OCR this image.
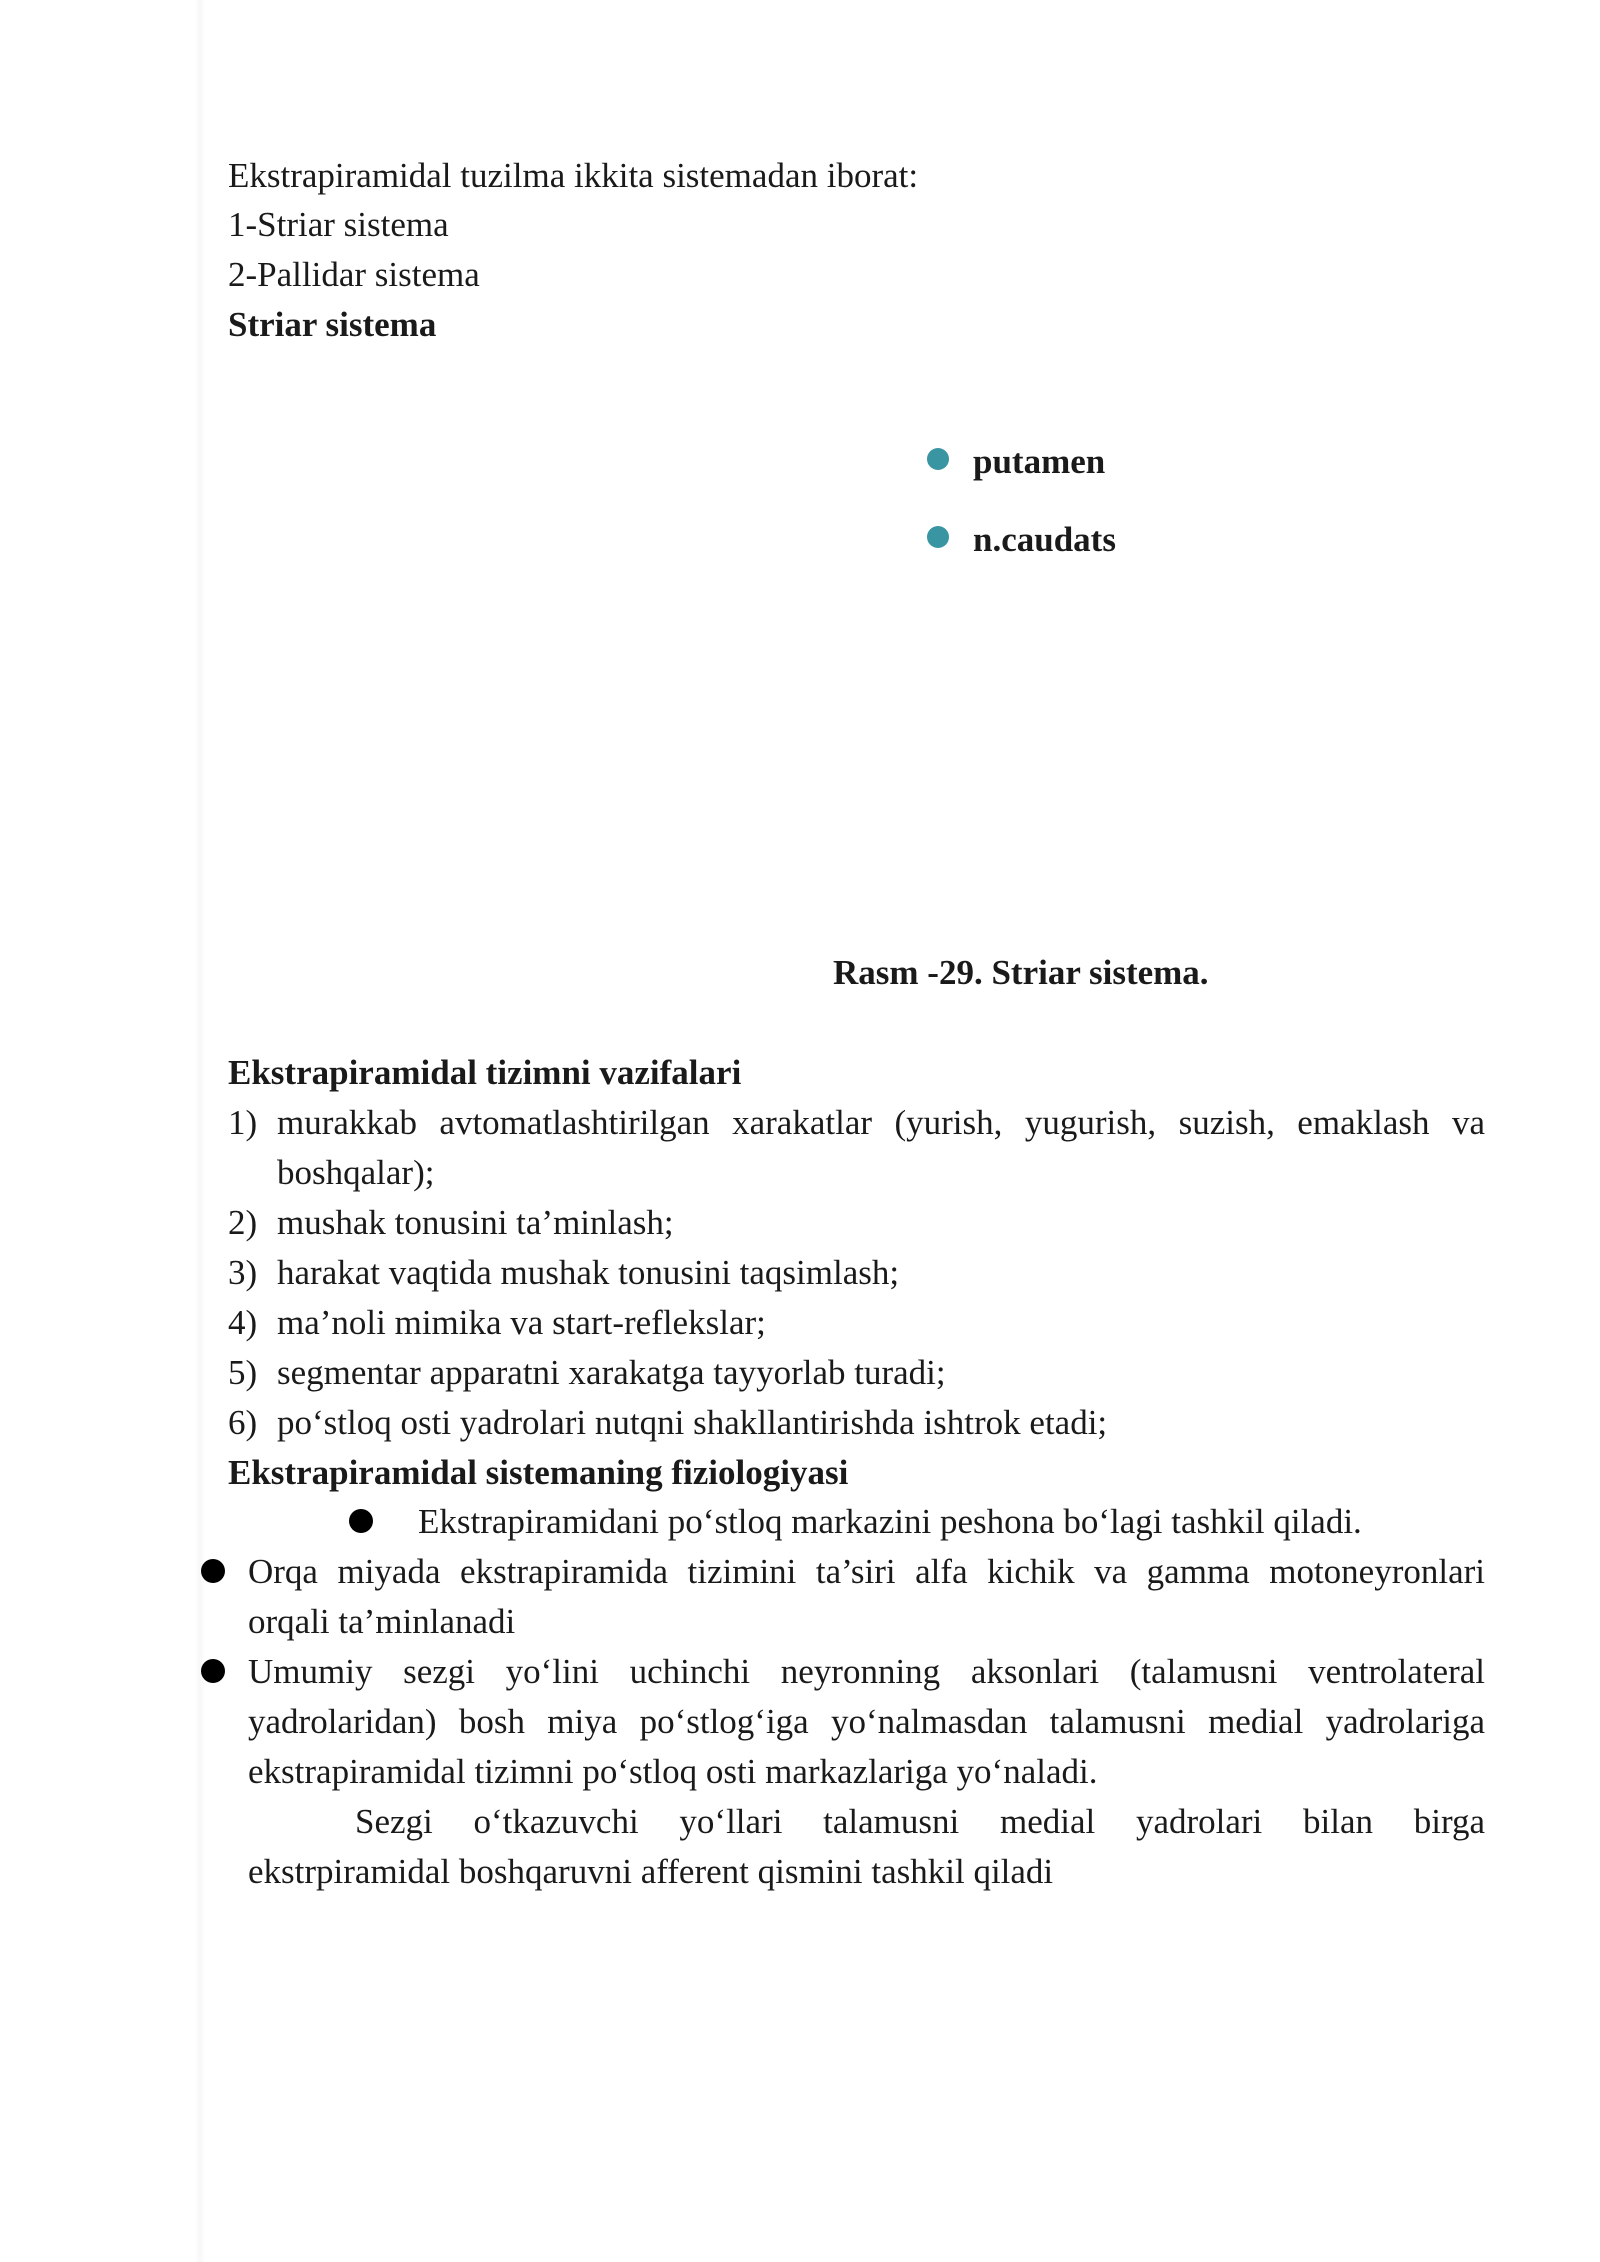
Ekstrapiramidal tuzilma ikkita sistemadan iborat:
1-Striar sistema
2-Pallidar sistema
Striar sistema
putamen
n.caudats
Rasm -29. Striar sistema.
Ekstrapiramidal tizimni vazifalari
1) murakkab avtomatlashtirilgan xarakatlar (yurish, yugurish, suzish, emaklash va
boshqalar);
2) mushak tonusini ta’minlash;
3) harakat vaqtida mushak tonusini taqsimlash;
4) ma’noli mimika va start-reflekslar;
5) segmentar apparatni xarakatga tayyorlab turadi;
6) po‘stloq osti yadrolari nutqni shakllantirishda ishtrok etadi;
Ekstrapiramidal sistemaning fiziologiyasi
Ekstrapiramidani po‘stloq markazini peshona bo‘lagi tashkil qiladi.
Orqa miyada ekstrapiramida tizimini ta’siri alfa kichik va gamma motoneyronlari
orqali ta’minlanadi
Umumiy sezgi yo‘lini uchinchi neyronning aksonlari (talamusni ventrolateral
yadrolaridan) bosh miya po‘stlog‘iga yo‘nalmasdan talamusni medial yadrolariga
ekstrapiramidal tizimni po‘stloq osti markazlariga yo‘naladi.
Sezgi o‘tkazuvchi yo‘llari talamusni medial yadrolari bilan birga
ekstrpiramidal boshqaruvni afferent qismini tashkil qiladi
